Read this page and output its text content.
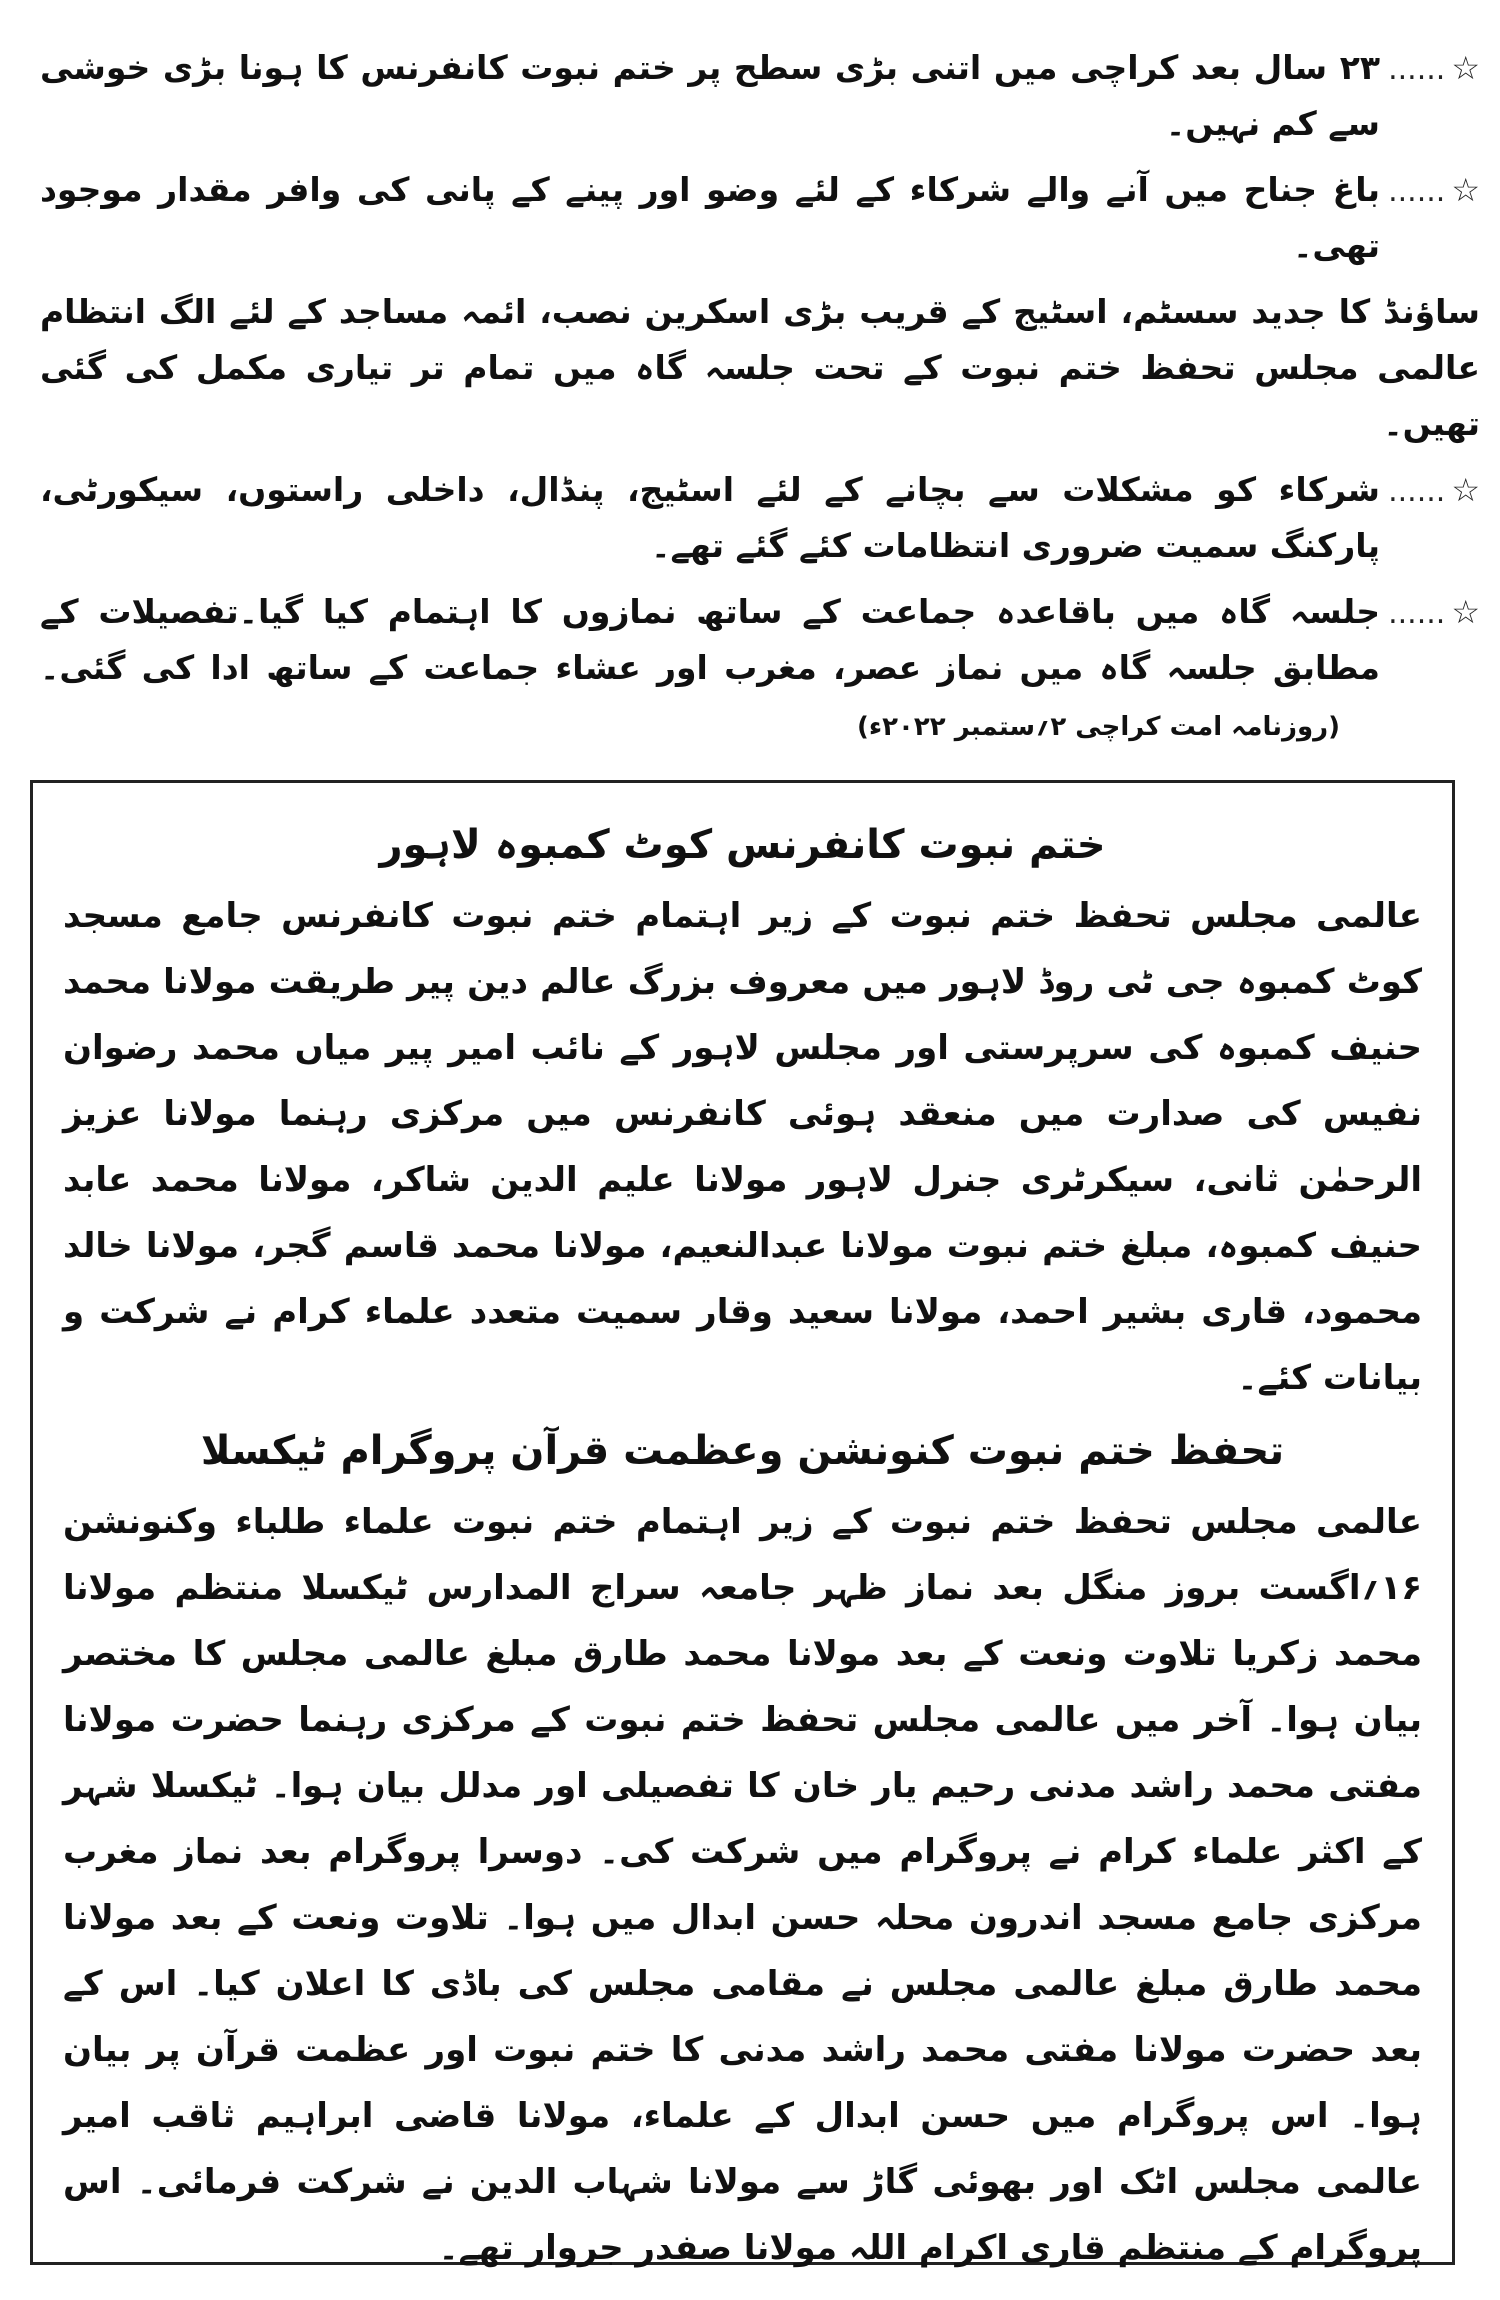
...... ☆
۲۳ سال بعد کراچی میں اتنی بڑی سطح پر ختم نبوت کانفرنس کا ہونا بڑی خوشی سے کم نہیں۔
...... ☆
باغ جناح میں آنے والے شرکاء کے لئے وضو اور پینے کے پانی کی وافر مقدار موجود تھی۔
ساؤنڈ کا جدید سسٹم، اسٹیج کے قریب بڑی اسکرین نصب، ائمہ مساجد کے لئے الگ انتظام عالمی مجلس تحفظ ختم نبوت کے تحت جلسہ گاہ میں تمام تر تیاری مکمل کی گئی تھیں۔
...... ☆
شرکاء کو مشکلات سے بچانے کے لئے اسٹیج، پنڈال، داخلی راستوں، سیکورٹی، پارکنگ سمیت ضروری انتظامات کئے گئے تھے۔
...... ☆
جلسہ گاہ میں باقاعدہ جماعت کے ساتھ نمازوں کا اہتمام کیا گیا۔تفصیلات کے مطابق جلسہ گاہ میں نماز عصر، مغرب اور عشاء جماعت کے ساتھ ادا کی گئی۔ (روزنامہ امت کراچی ۲؍ستمبر ۲۰۲۲ء)
ختم نبوت کانفرنس کوٹ کمبوہ لاہور

عالمی مجلس تحفظ ختم نبوت کے زیر اہتمام ختم نبوت کانفرنس جامع مسجد کوٹ کمبوہ جی ٹی روڈ لاہور میں معروف بزرگ عالم دین پیر طریقت مولانا محمد حنیف کمبوہ کی سرپرستی اور مجلس لاہور کے نائب امیر پیر میاں محمد رضوان نفیس کی صدارت میں منعقد ہوئی کانفرنس میں مرکزی رہنما مولانا عزیز الرحمٰن ثانی، سیکرٹری جنرل لاہور مولانا علیم الدین شاکر، مولانا محمد عابد حنیف کمبوہ، مبلغ ختم نبوت مولانا عبدالنعیم، مولانا محمد قاسم گجر، مولانا خالد محمود، قاری بشیر احمد، مولانا سعید وقار سمیت متعدد علماء کرام نے شرکت و بیانات کئے۔

تحفظ ختم نبوت کنونشن وعظمت قرآن پروگرام ٹیکسلا

عالمی مجلس تحفظ ختم نبوت کے زیر اہتمام ختم نبوت علماء طلباء وکنونشن ۱۶؍اگست بروز منگل بعد نماز ظہر جامعہ سراج المدارس ٹیکسلا منتظم مولانا محمد زکریا تلاوت ونعت کے بعد مولانا محمد طارق مبلغ عالمی مجلس کا مختصر بیان ہوا۔ آخر میں عالمی مجلس تحفظ ختم نبوت کے مرکزی رہنما حضرت مولانا مفتی محمد راشد مدنی رحیم یار خان کا تفصیلی اور مدلل بیان ہوا۔ ٹیکسلا شہر کے اکثر علماء کرام نے پروگرام میں شرکت کی۔ دوسرا پروگرام بعد نماز مغرب مرکزی جامع مسجد اندرون محلہ حسن ابدال میں ہوا۔ تلاوت ونعت کے بعد مولانا محمد طارق مبلغ عالمی مجلس نے مقامی مجلس کی باڈی کا اعلان کیا۔ اس کے بعد حضرت مولانا مفتی محمد راشد مدنی کا ختم نبوت اور عظمت قرآن پر بیان ہوا۔ اس پروگرام میں حسن ابدال کے علماء، مولانا قاضی ابراہیم ثاقب امیر عالمی مجلس اٹک اور بھوئی گاڑ سے مولانا شہاب الدین نے شرکت فرمائی۔ اس پروگرام کے منتظم قاری اکرام اللہ مولانا صفدر جروار تھے۔
